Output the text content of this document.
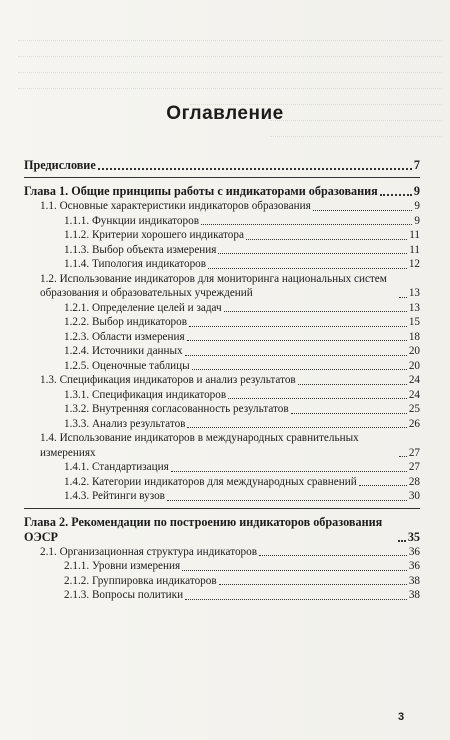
Оглавление
Предисловие	7
Глава 1. Общие принципы работы с индикаторами образования	9
1.1. Основные характеристики индикаторов образования	9
1.1.1. Функции индикаторов	9
1.1.2. Критерии хорошего индикатора	11
1.1.3. Выбор объекта измерения	11
1.1.4. Типология индикаторов	12
1.2. Использование индикаторов для мониторинга национальных систем образования и образовательных учреждений	13
1.2.1. Определение целей и задач	13
1.2.2. Выбор индикаторов	15
1.2.3. Области измерения	18
1.2.4. Источники данных	20
1.2.5. Оценочные таблицы	20
1.3. Спецификация индикаторов и анализ результатов	24
1.3.1. Спецификация индикаторов	24
1.3.2. Внутренняя согласованность результатов	25
1.3.3. Анализ результатов	26
1.4. Использование индикаторов в международных сравнительных измерениях	27
1.4.1. Стандартизация	27
1.4.2. Категории индикаторов для международных сравнений	28
1.4.3. Рейтинги вузов	30
Глава 2. Рекомендации по построению индикаторов образования ОЭСР	35
2.1. Организационная структура индикаторов	36
2.1.1. Уровни измерения	36
2.1.2. Группировка индикаторов	38
2.1.3. Вопросы политики	38
3
